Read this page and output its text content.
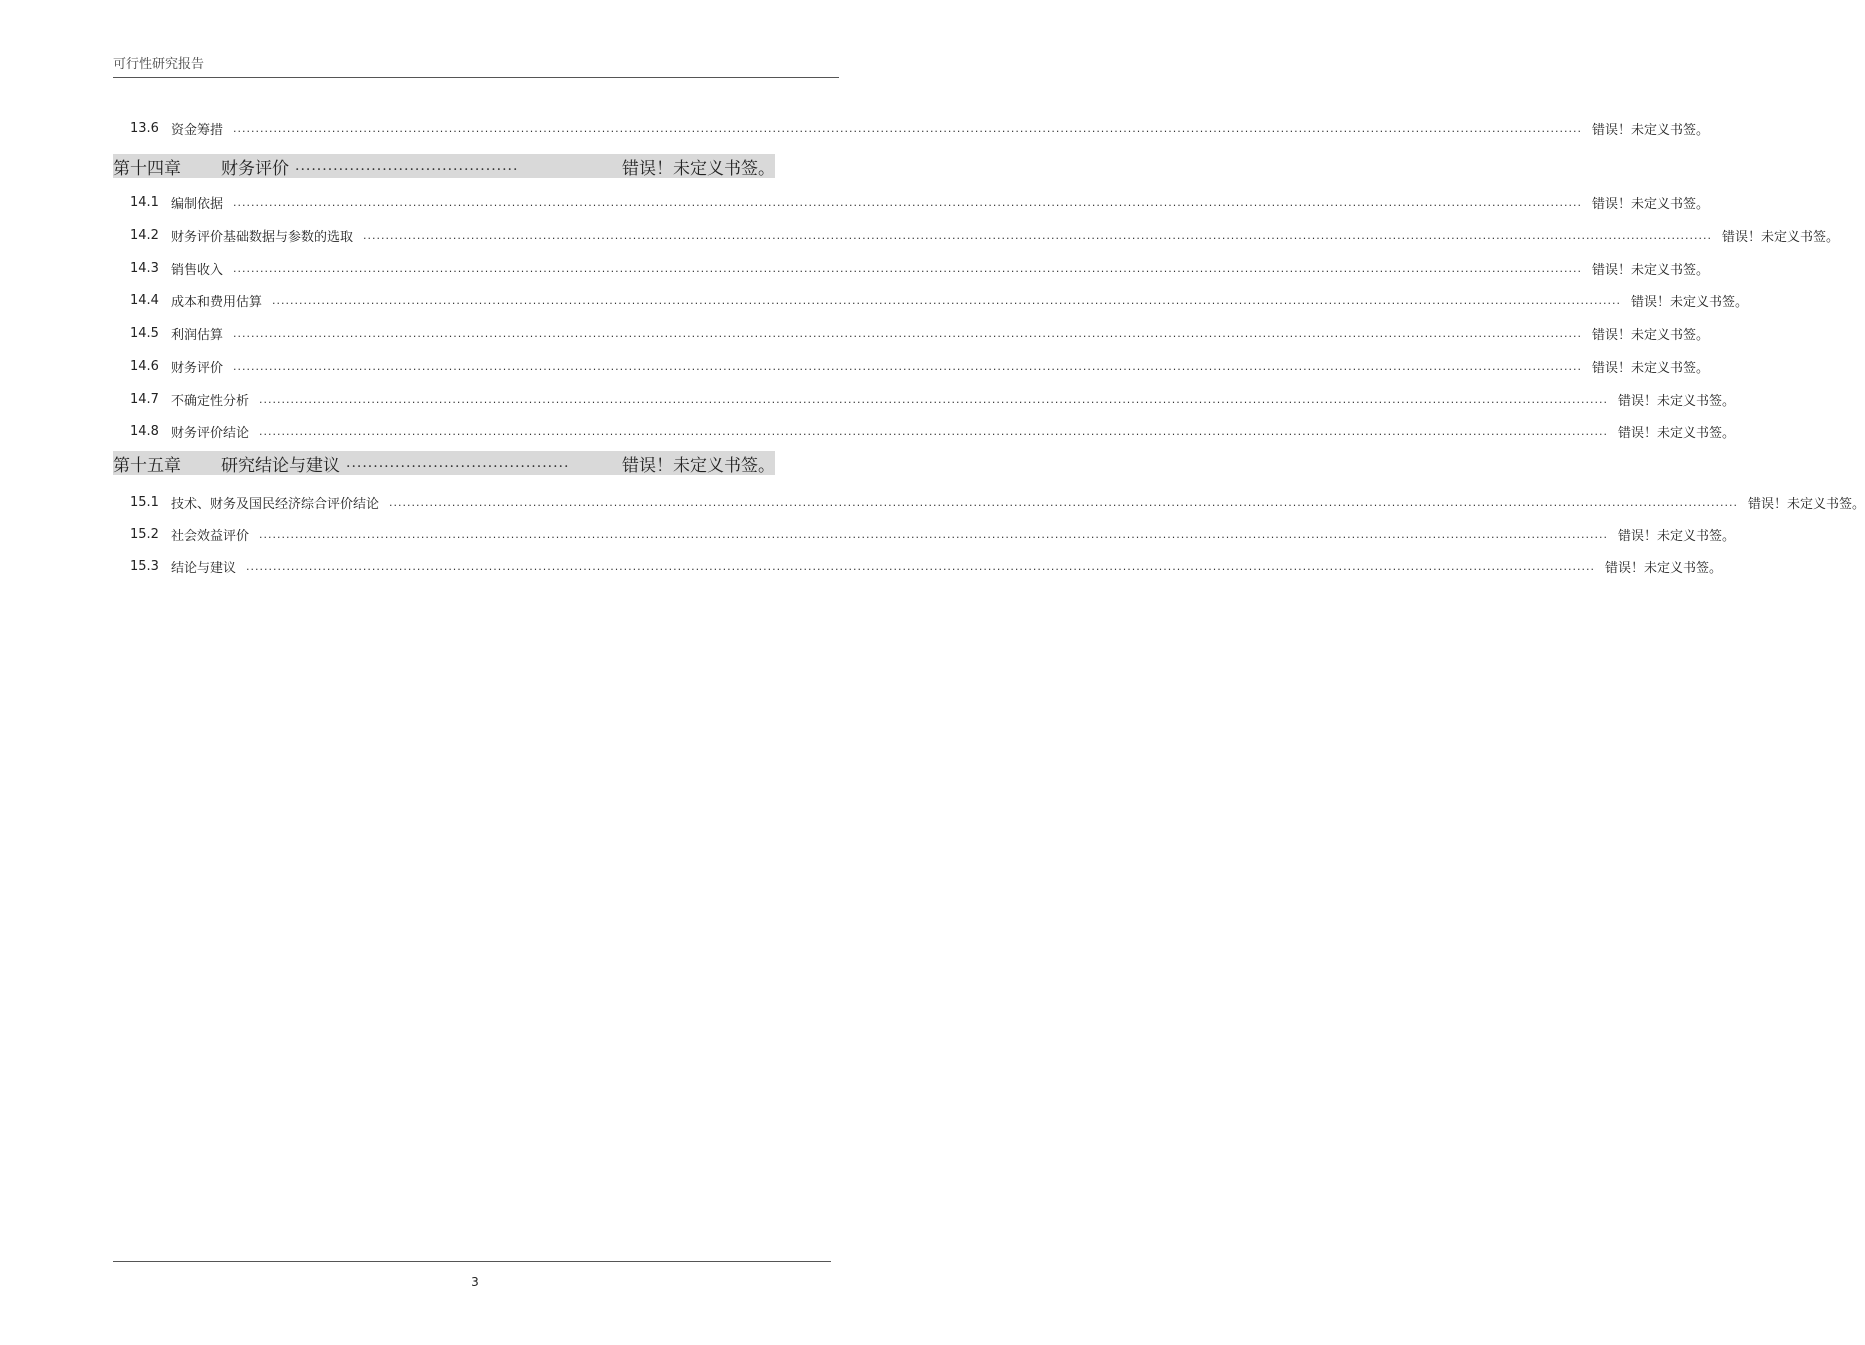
可行性研究报告
13.6 资金筹措 ............................................................................................................................................................................................................................................................................................................ 错误！未定义书签。
第十四章 财务评价 .........................................	错误！未定义书签。
14.1 编制依据 ............................................................................................................................................................................................................................................................................................................ 错误！未定义书签。
14.2 财务评价基础数据与参数的选取 ............................................................................................................................................................................................................................................................................................................ 错误！未定义书签。
14.3 销售收入 ............................................................................................................................................................................................................................................................................................................ 错误！未定义书签。
14.4 成本和费用估算 ............................................................................................................................................................................................................................................................................................................ 错误！未定义书签。
14.5 利润估算 ............................................................................................................................................................................................................................................................................................................ 错误！未定义书签。
14.6 财务评价 ............................................................................................................................................................................................................................................................................................................ 错误！未定义书签。
14.7 不确定性分析 ............................................................................................................................................................................................................................................................................................................ 错误！未定义书签。
14.8 财务评价结论 ............................................................................................................................................................................................................................................................................................................ 错误！未定义书签。
第十五章 研究结论与建议 .........................................	错误！未定义书签。
15.1 技术、财务及国民经济综合评价结论 ............................................................................................................................................................................................................................................................................................................ 错误！未定义书签。
15.2 社会效益评价 ............................................................................................................................................................................................................................................................................................................ 错误！未定义书签。
15.3 结论与建议 ............................................................................................................................................................................................................................................................................................................ 错误！未定义书签。
3
